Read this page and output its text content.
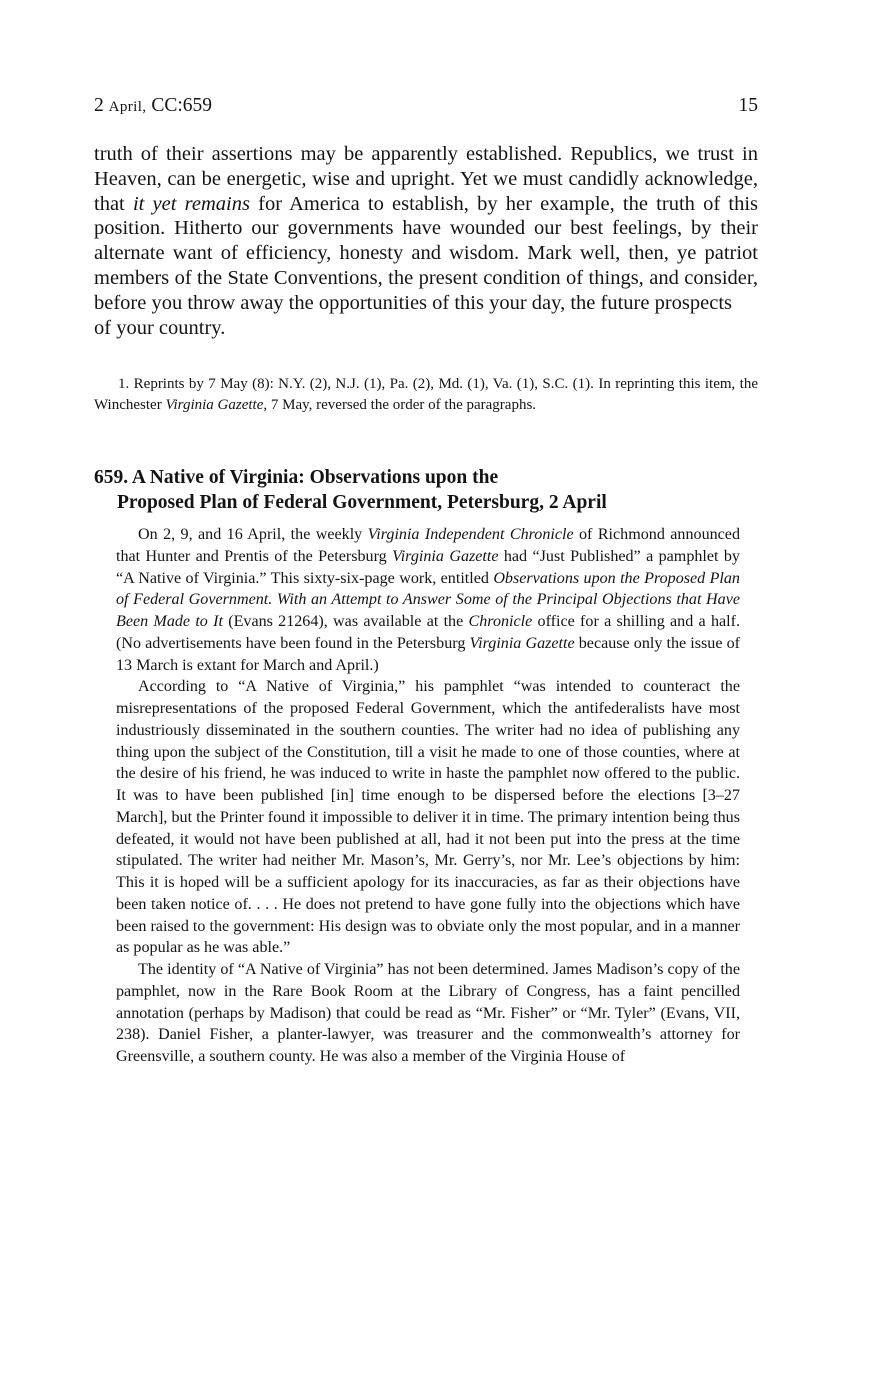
2 April, CC:659	15

truth of their assertions may be apparently established. Republics, we trust in Heaven, can be energetic, wise and upright. Yet we must candidly acknowledge, that it yet remains for America to establish, by her example, the truth of this position. Hitherto our governments have wounded our best feelings, by their alternate want of efficiency, honesty and wisdom. Mark well, then, ye patriot members of the State Conventions, the present condition of things, and consider, before you throw away the opportunities of this your day, the future prospects
of your country.

1. Reprints by 7 May (8): N.Y. (2), N.J. (1), Pa. (2), Md. (1), Va. (1), S.C. (1). In reprinting this item, the Winchester Virginia Gazette, 7 May, reversed the order of the paragraphs.

659. A Native of Virginia: Observations upon the
Proposed Plan of Federal Government, Petersburg, 2 April

On 2, 9, and 16 April, the weekly Virginia Independent Chronicle of Richmond announced that Hunter and Prentis of the Petersburg Virginia Gazette had “Just Published” a pamphlet by “A Native of Virginia.” This sixty-six-page work, entitled Observations upon the Proposed Plan of Federal Government. With an Attempt to Answer Some of the Principal Objections that Have Been Made to It (Evans 21264), was available at the Chronicle office for a shilling and a half. (No advertisements have been found in the Petersburg Virginia Gazette because only the issue of 13 March is extant for March and April.)

According to “A Native of Virginia,” his pamphlet “was intended to counteract the misrepresentations of the proposed Federal Government, which the antifederalists have most industriously disseminated in the southern counties. The writer had no idea of publishing any thing upon the subject of the Constitution, till a visit he made to one of those counties, where at the desire of his friend, he was induced to write in haste the pamphlet now offered to the public. It was to have been published [in] time enough to be dispersed before the elections [3–27 March], but the Printer found it impossible to deliver it in time. The primary intention being thus defeated, it would not have been published at all, had it not been put into the press at the time stipulated. The writer had neither Mr. Mason’s, Mr. Gerry’s, nor Mr. Lee’s objections by him: This it is hoped will be a sufficient apology for its inaccuracies, as far as their objections have been taken notice of. . . . He does not pretend to have gone fully into the objections which have been raised to the government: His design was to obviate only the most popular, and in a manner as popular as he was able.”

The identity of “A Native of Virginia” has not been determined. James Madison’s copy of the pamphlet, now in the Rare Book Room at the Library of Congress, has a faint pencilled annotation (perhaps by Madison) that could be read as “Mr. Fisher” or “Mr. Tyler” (Evans, VII, 238). Daniel Fisher, a planter-lawyer, was treasurer and the commonwealth’s attorney for Greensville, a southern county. He was also a member of the Virginia House of
